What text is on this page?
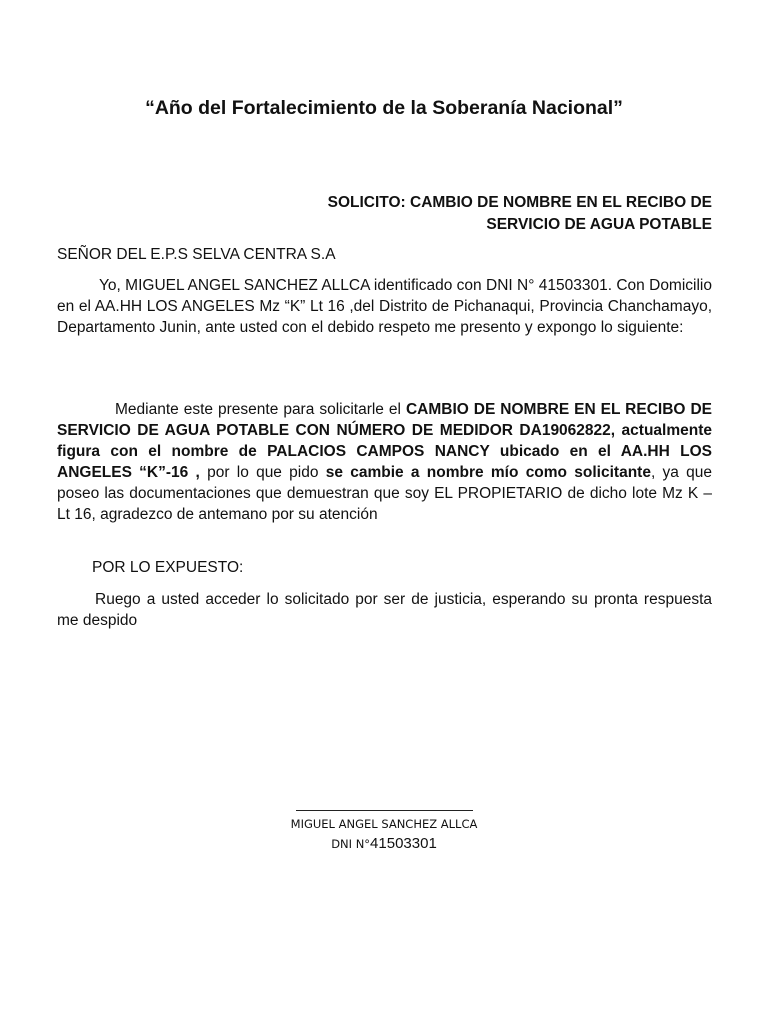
“Año del Fortalecimiento de la Soberanía Nacional”
SOLICITO: CAMBIO DE NOMBRE EN EL RECIBO DE
SERVICIO DE AGUA POTABLE
SEÑOR DEL E.P.S SELVA CENTRA S.A
Yo, MIGUEL ANGEL SANCHEZ ALLCA identificado con DNI N° 41503301. Con Domicilio en el AA.HH LOS ANGELES Mz “K” Lt 16 ,del Distrito de Pichanaqui, Provincia Chanchamayo, Departamento Junin, ante usted con el debido respeto me presento y expongo lo siguiente:
Mediante este presente para solicitarle el CAMBIO DE NOMBRE EN EL RECIBO DE SERVICIO DE AGUA POTABLE CON NÚMERO DE MEDIDOR DA19062822, actualmente figura con el nombre de PALACIOS CAMPOS NANCY ubicado en el AA.HH LOS ANGELES “K”-16 , por lo que pido se cambie a nombre mío como solicitante, ya que poseo las documentaciones que demuestran que soy EL PROPIETARIO de dicho lote Mz K – Lt 16, agradezco de antemano por su atención
POR LO EXPUESTO:
Ruego a usted acceder lo solicitado por ser de justicia, esperando su pronta respuesta me despido
MIGUEL ANGEL SANCHEZ ALLCA
DNI N°41503301
